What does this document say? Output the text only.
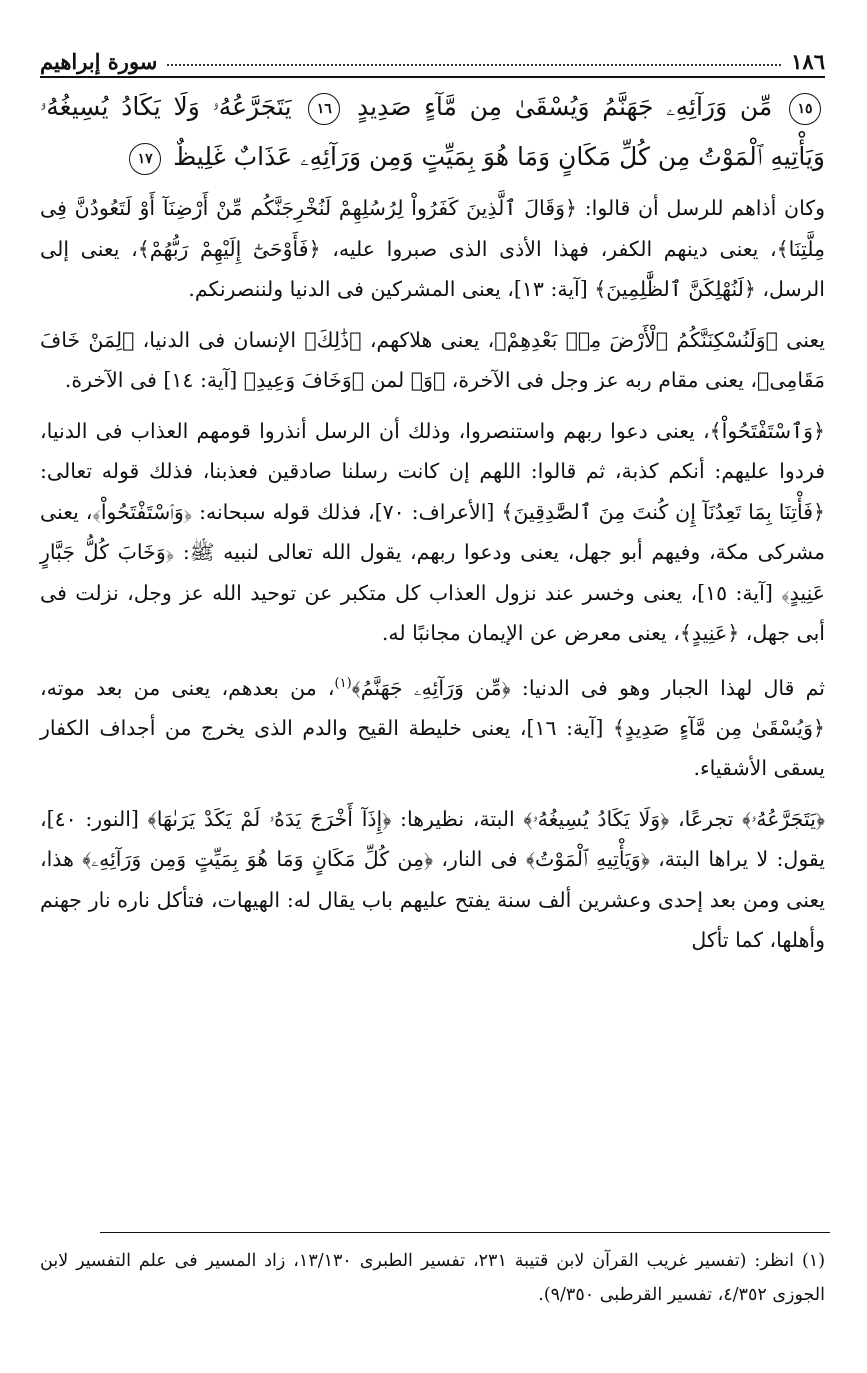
١٨٦
سورة إبراهيم
١٥ مِّن وَرَآئِهِۦ جَهَنَّمُ وَيُسْقَىٰ مِن مَّآءٍ صَدِيدٍ ١٦ يَتَجَرَّعُهُۥ وَلَا يَكَادُ يُسِيغُهُۥ وَيَأْتِيهِ ٱلْمَوْتُ مِن كُلِّ مَكَانٍ وَمَا هُوَ بِمَيِّتٍ وَمِن وَرَآئِهِۦ عَذَابٌ غَلِيظٌ ١٧

وكان أذاهم للرسل أن قالوا: ﴿وَقَالَ ٱلَّذِينَ كَفَرُواْ لِرُسُلِهِمْ لَنُخْرِجَنَّكُم مِّنْ أَرْضِنَآ أَوْ لَتَعُودُنَّ فِى مِلَّتِنَا﴾، يعنى دينهم الكفر، فهذا الأذى الذى صبروا عليه، ﴿فَأَوْحَىٰٓ إِلَيْهِمْ رَبُّهُمْ﴾، يعنى إلى الرسل، ﴿لَنُهْلِكَنَّ ٱلظَّٰلِمِينَ﴾ [آية: ١٣]، يعنى المشركين فى الدنيا ولننصرنكم.

يعنى ﴿وَلَنُسْكِنَنَّكُمُ ٱلْأَرْضَ مِنۢ بَعْدِهِمْ﴾، يعنى هلاكهم، ﴿ذَٰلِكَ﴾ الإنسان فى الدنيا، ﴿لِمَنْ خَافَ مَقَامِى﴾، يعنى مقام ربه عز وجل فى الآخرة، ﴿وَ﴾ لمن ﴿وَخَافَ وَعِيدِ﴾ [آية: ١٤] فى الآخرة.

﴿وَٱسْتَفْتَحُواْ﴾، يعنى دعوا ربهم واستنصروا، وذلك أن الرسل أنذروا قومهم العذاب فى الدنيا، فردوا عليهم: أنكم كذبة، ثم قالوا: اللهم إن كانت رسلنا صادقين فعذبنا، فذلك قوله تعالى: ﴿فَأْتِنَا بِمَا تَعِدُنَآ إِن كُنتَ مِنَ ٱلصَّٰدِقِينَ﴾ [الأعراف: ٧٠]، فذلك قوله سبحانه: ﴿وَٱسْتَفْتَحُواْ﴾، يعنى مشركى مكة، وفيهم أبو جهل، يعنى ودعوا ربهم، يقول الله تعالى لنبيه ﷺ: ﴿وَخَابَ كُلُّ جَبَّارٍ عَنِيدٍ﴾ [آية: ١٥]، يعنى وخسر عند نزول العذاب كل متكبر عن توحيد الله عز وجل، نزلت فى أبى جهل، ﴿عَنِيدٍ﴾، يعنى معرض عن الإيمان مجانبًا له.

ثم قال لهذا الجبار وهو فى الدنيا: ﴿مِّن وَرَآئِهِۦ جَهَنَّمُ﴾$^{(١)}$، من بعدهم، يعنى من بعد موته، ﴿وَيُسْقَىٰ مِن مَّآءٍ صَدِيدٍ﴾ [آية: ١٦]، يعنى خليطة القيح والدم الذى يخرج من أجداف الكفار يسقى الأشقياء.

﴿يَتَجَرَّعُهُۥ﴾ تجرعًا، ﴿وَلَا يَكَادُ يُسِيغُهُۥ﴾ البتة، نظيرها: ﴿إِذَآ أَخْرَجَ يَدَهُۥ لَمْ يَكَدْ يَرَىٰهَا﴾ [النور: ٤٠]، يقول: لا يراها البتة، ﴿وَيَأْتِيهِ ٱلْمَوْتُ﴾ فى النار، ﴿مِن كُلِّ مَكَانٍ وَمَا هُوَ بِمَيِّتٍ وَمِن وَرَآئِهِۦ﴾ هذا، يعنى ومن بعد إحدى وعشرين ألف سنة يفتح عليهم باب يقال له: الهيهات، فتأكل ناره نار جهنم وأهلها، كما تأكل

(١) انظر: (تفسير غريب القرآن لابن قتيبة ٢٣١، تفسير الطبرى ١٣/١٣٠، زاد المسير فى علم التفسير لابن الجوزى ٤/٣٥٢، تفسير القرطبى ٩/٣٥٠).
